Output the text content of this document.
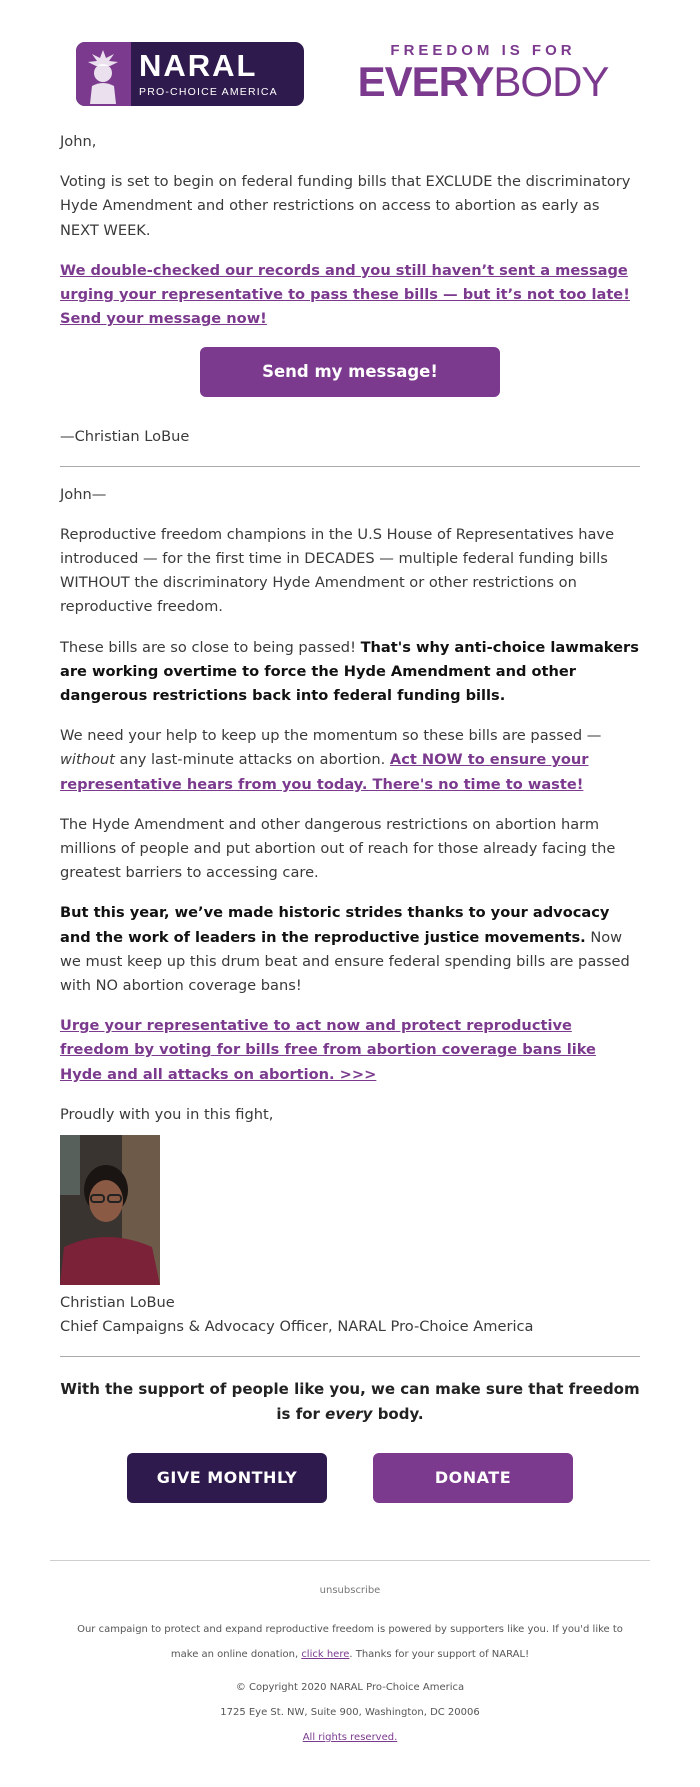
NARAL
PRO-CHOICE AMERICA
FREEDOM IS FOR
EVERYBODY

John,

Voting is set to begin on federal funding bills that EXCLUDE the discriminatory Hyde Amendment and other restrictions on access to abortion as early as NEXT WEEK.

We double-checked our records and you still haven’t sent a message urging your representative to pass these bills — but it’s not too late! Send your message now!

Send my message!

—Christian LoBue

John—

Reproductive freedom champions in the U.S House of Representatives have introduced — for the first time in DECADES — multiple federal funding bills WITHOUT the discriminatory Hyde Amendment or other restrictions on reproductive freedom.

These bills are so close to being passed! That's why anti-choice lawmakers are working overtime to force the Hyde Amendment and other dangerous restrictions back into federal funding bills.

We need your help to keep up the momentum so these bills are passed — without any last-minute attacks on abortion. Act NOW to ensure your representative hears from you today. There's no time to waste!

The Hyde Amendment and other dangerous restrictions on abortion harm millions of people and put abortion out of reach for those already facing the greatest barriers to accessing care.

But this year, we’ve made historic strides thanks to your advocacy and the work of leaders in the reproductive justice movements. Now we must keep up this drum beat and ensure federal spending bills are passed with NO abortion coverage bans!

Urge your representative to act now and protect reproductive freedom by voting for bills free from abortion coverage bans like Hyde and all attacks on abortion. >>>

Proudly with you in this fight,

Christian LoBue
Chief Campaigns & Advocacy Officer, NARAL Pro-Choice America
With the support of people like you, we can make sure that freedom is for every body.
GIVE MONTHLY	DONATE
unsubscribe
Our campaign to protect and expand reproductive freedom is powered by supporters like you. If you'd like to make an online donation, click here. Thanks for your support of NARAL!
© Copyright 2020 NARAL Pro-Choice America
1725 Eye St. NW, Suite 900, Washington, DC 20006
All rights reserved.
